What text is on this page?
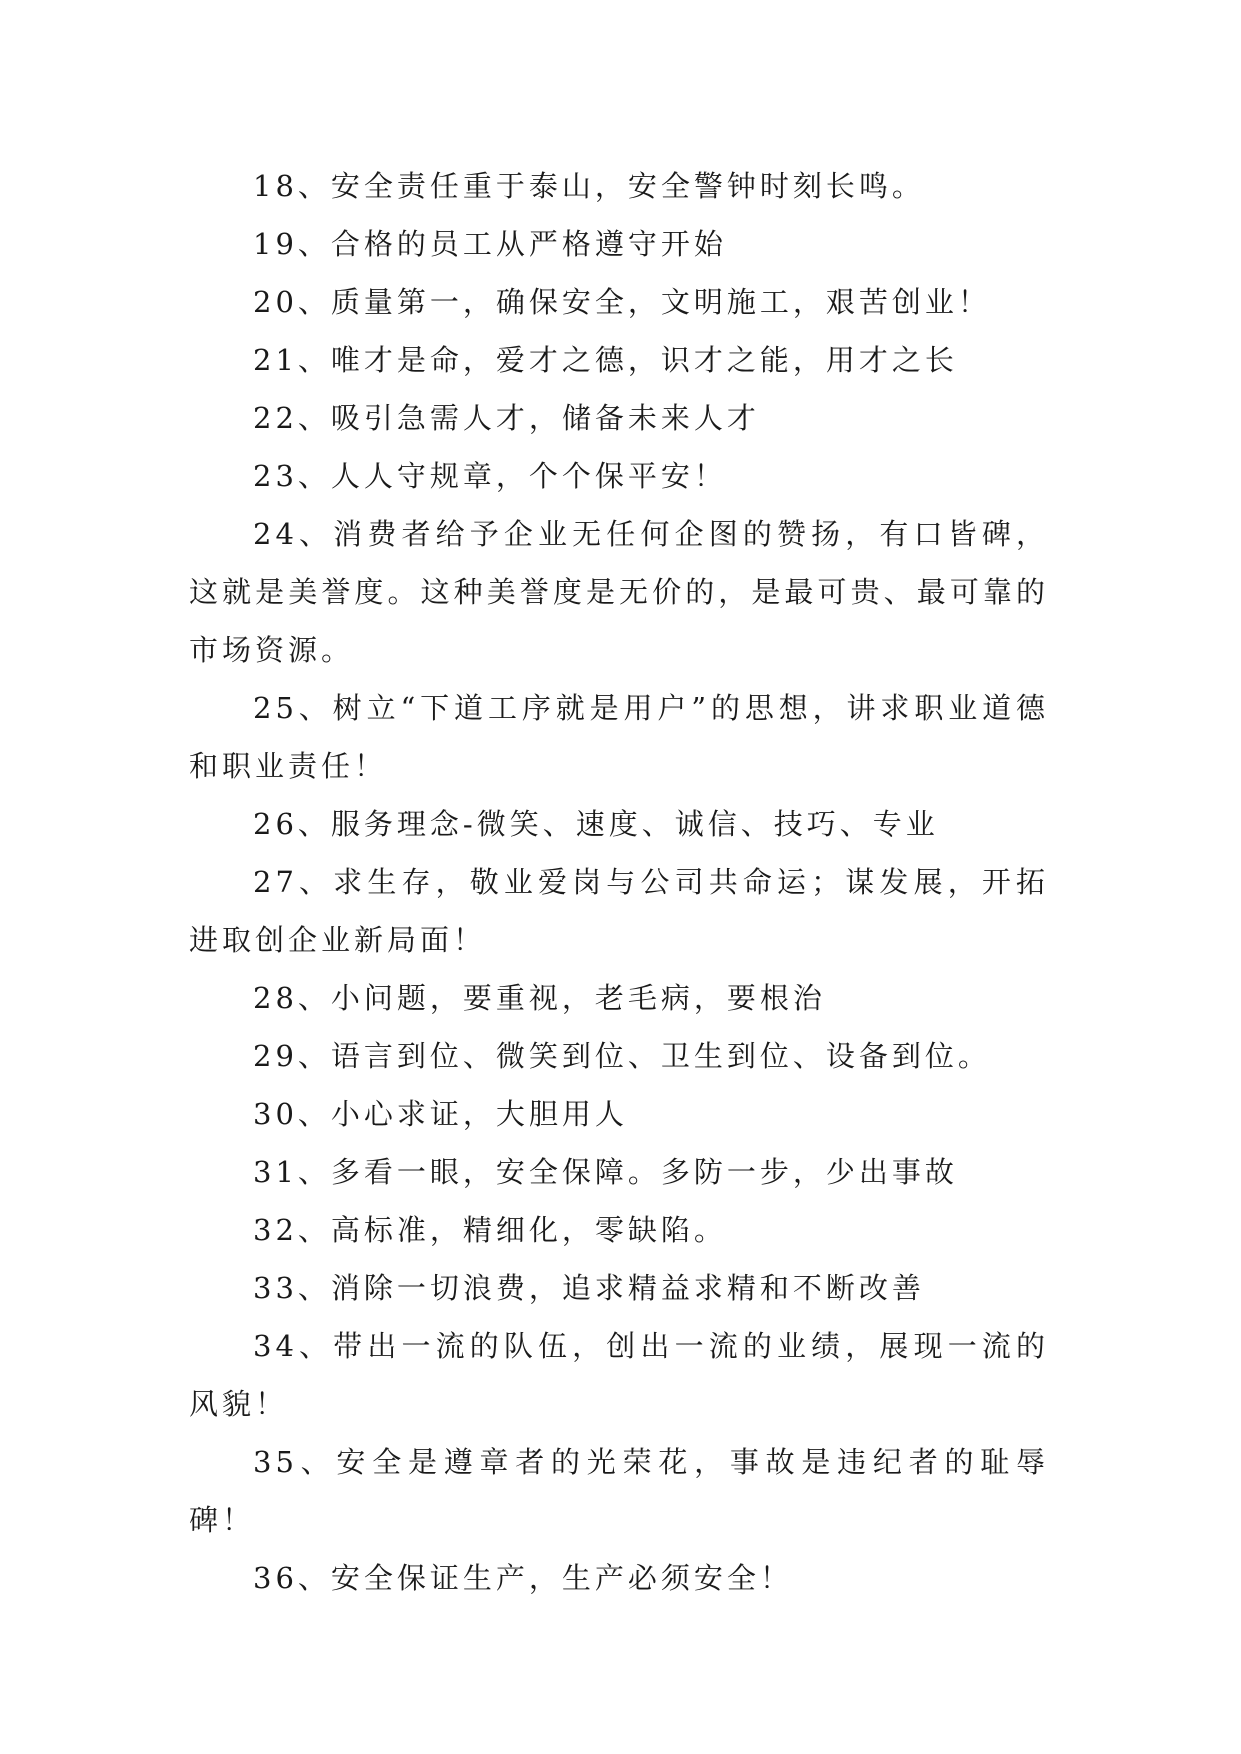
18、安全责任重于泰山，安全警钟时刻长鸣。

19、合格的员工从严格遵守开始

20、质量第一，确保安全，文明施工，艰苦创业！

21、唯才是命，爱才之德，识才之能，用才之长

22、吸引急需人才，储备未来人才

23、人人守规章，个个保平安！

24、消费者给予企业无任何企图的赞扬，有口皆碑，这就是美誉度。这种美誉度是无价的，是最可贵、最可靠的市场资源。

25、树立“下道工序就是用户”的思想，讲求职业道德和职业责任！

26、服务理念-微笑、速度、诚信、技巧、专业

27、求生存，敬业爱岗与公司共命运；谋发展，开拓进取创企业新局面！

28、小问题，要重视，老毛病，要根治

29、语言到位、微笑到位、卫生到位、设备到位。

30、小心求证，大胆用人

31、多看一眼，安全保障。多防一步，少出事故

32、高标准，精细化，零缺陷。

33、消除一切浪费，追求精益求精和不断改善

34、带出一流的队伍，创出一流的业绩，展现一流的风貌！

35、安全是遵章者的光荣花，事故是违纪者的耻辱碑！

36、安全保证生产，生产必须安全！
